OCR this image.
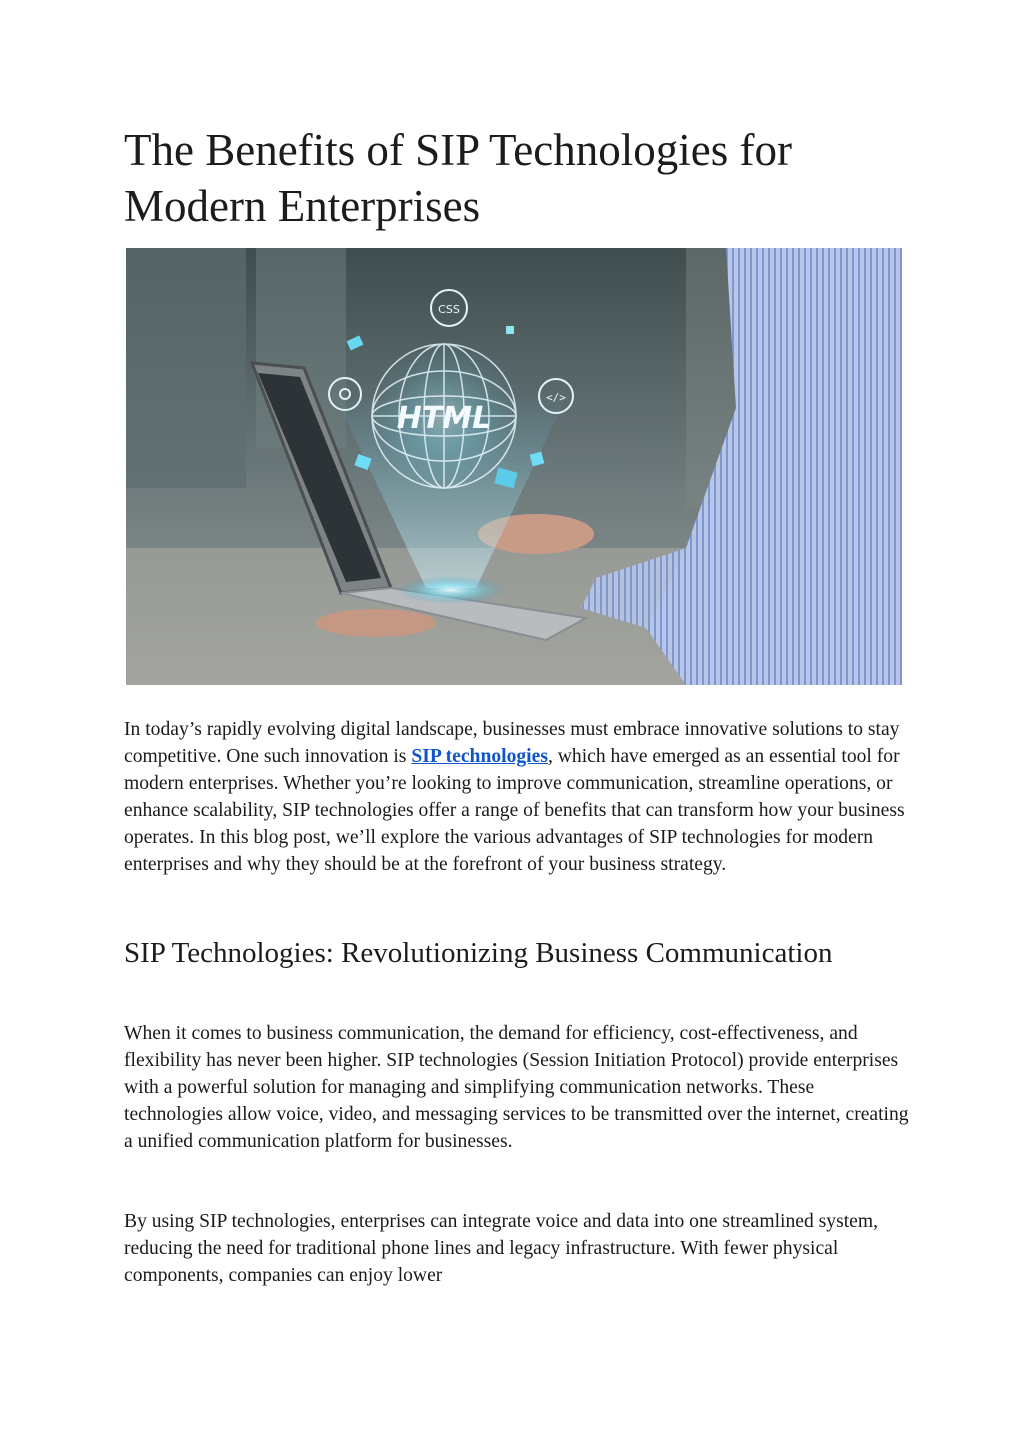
The Benefits of SIP Technologies for Modern Enterprises
HTML
CSS
</>

In today’s rapidly evolving digital landscape, businesses must embrace innovative solutions to stay competitive. One such innovation is SIP technologies, which have emerged as an essential tool for modern enterprises. Whether you’re looking to improve communication, streamline operations, or enhance scalability, SIP technologies offer a range of benefits that can transform how your business operates. In this blog post, we’ll explore the various advantages of SIP technologies for modern enterprises and why they should be at the forefront of your business strategy.

SIP Technologies: Revolutionizing Business Communication

When it comes to business communication, the demand for efficiency, cost-effectiveness, and flexibility has never been higher. SIP technologies (Session Initiation Protocol) provide enterprises with a powerful solution for managing and simplifying communication networks. These technologies allow voice, video, and messaging services to be transmitted over the internet, creating a unified communication platform for businesses.

By using SIP technologies, enterprises can integrate voice and data into one streamlined system, reducing the need for traditional phone lines and legacy infrastructure. With fewer physical components, companies can enjoy lower
